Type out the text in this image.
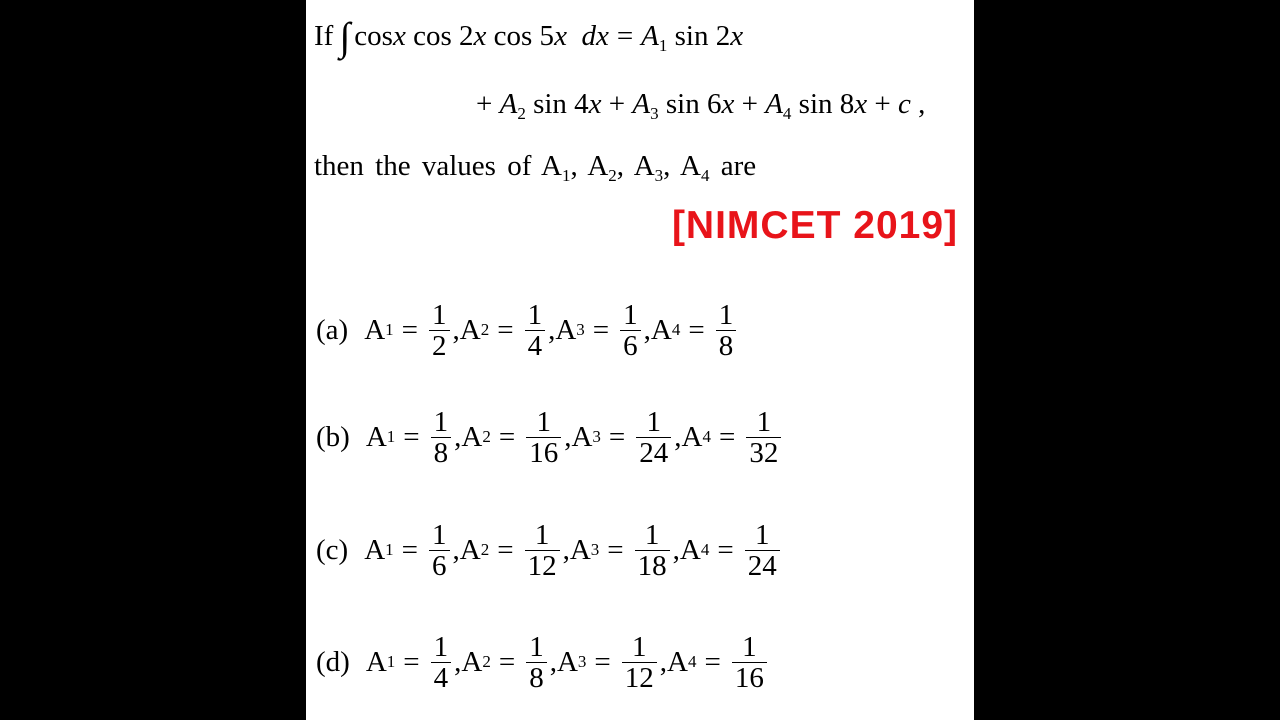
If ∫ cosx cos 2x cos 5x dx = $A_1$ sin 2x
+ $A_2$ $\sin 4x + A_3$ $\sin 6x + A_4$ sin 8x + c ,
then the values of $A_1$, $A_2$, $A_3$, $A_4$ are
[NIMCET 2019]
(a) A $1 = \frac{1}{2}$ , A $2 = \frac{1}{4}$ , A $3 = \frac{1}{6}$ , A $4 = \frac{1}{8}$
(b) A $1 = \frac{1}{8}$ , A $2 = \frac{1}{16}$ , A $3 = \frac{1}{24}$ , A $4 = \frac{1}{32}$
(c) A $1 = \frac{1}{6}$ , A $2 = \frac{1}{12}$ , A $3 = \frac{1}{18}$ , A $4 = \frac{1}{24}$
(d) A $1 = \frac{1}{4}$ , A $2 = \frac{1}{8}$ , A $3 = \frac{1}{12}$ , A $4 = \frac{1}{16}$
